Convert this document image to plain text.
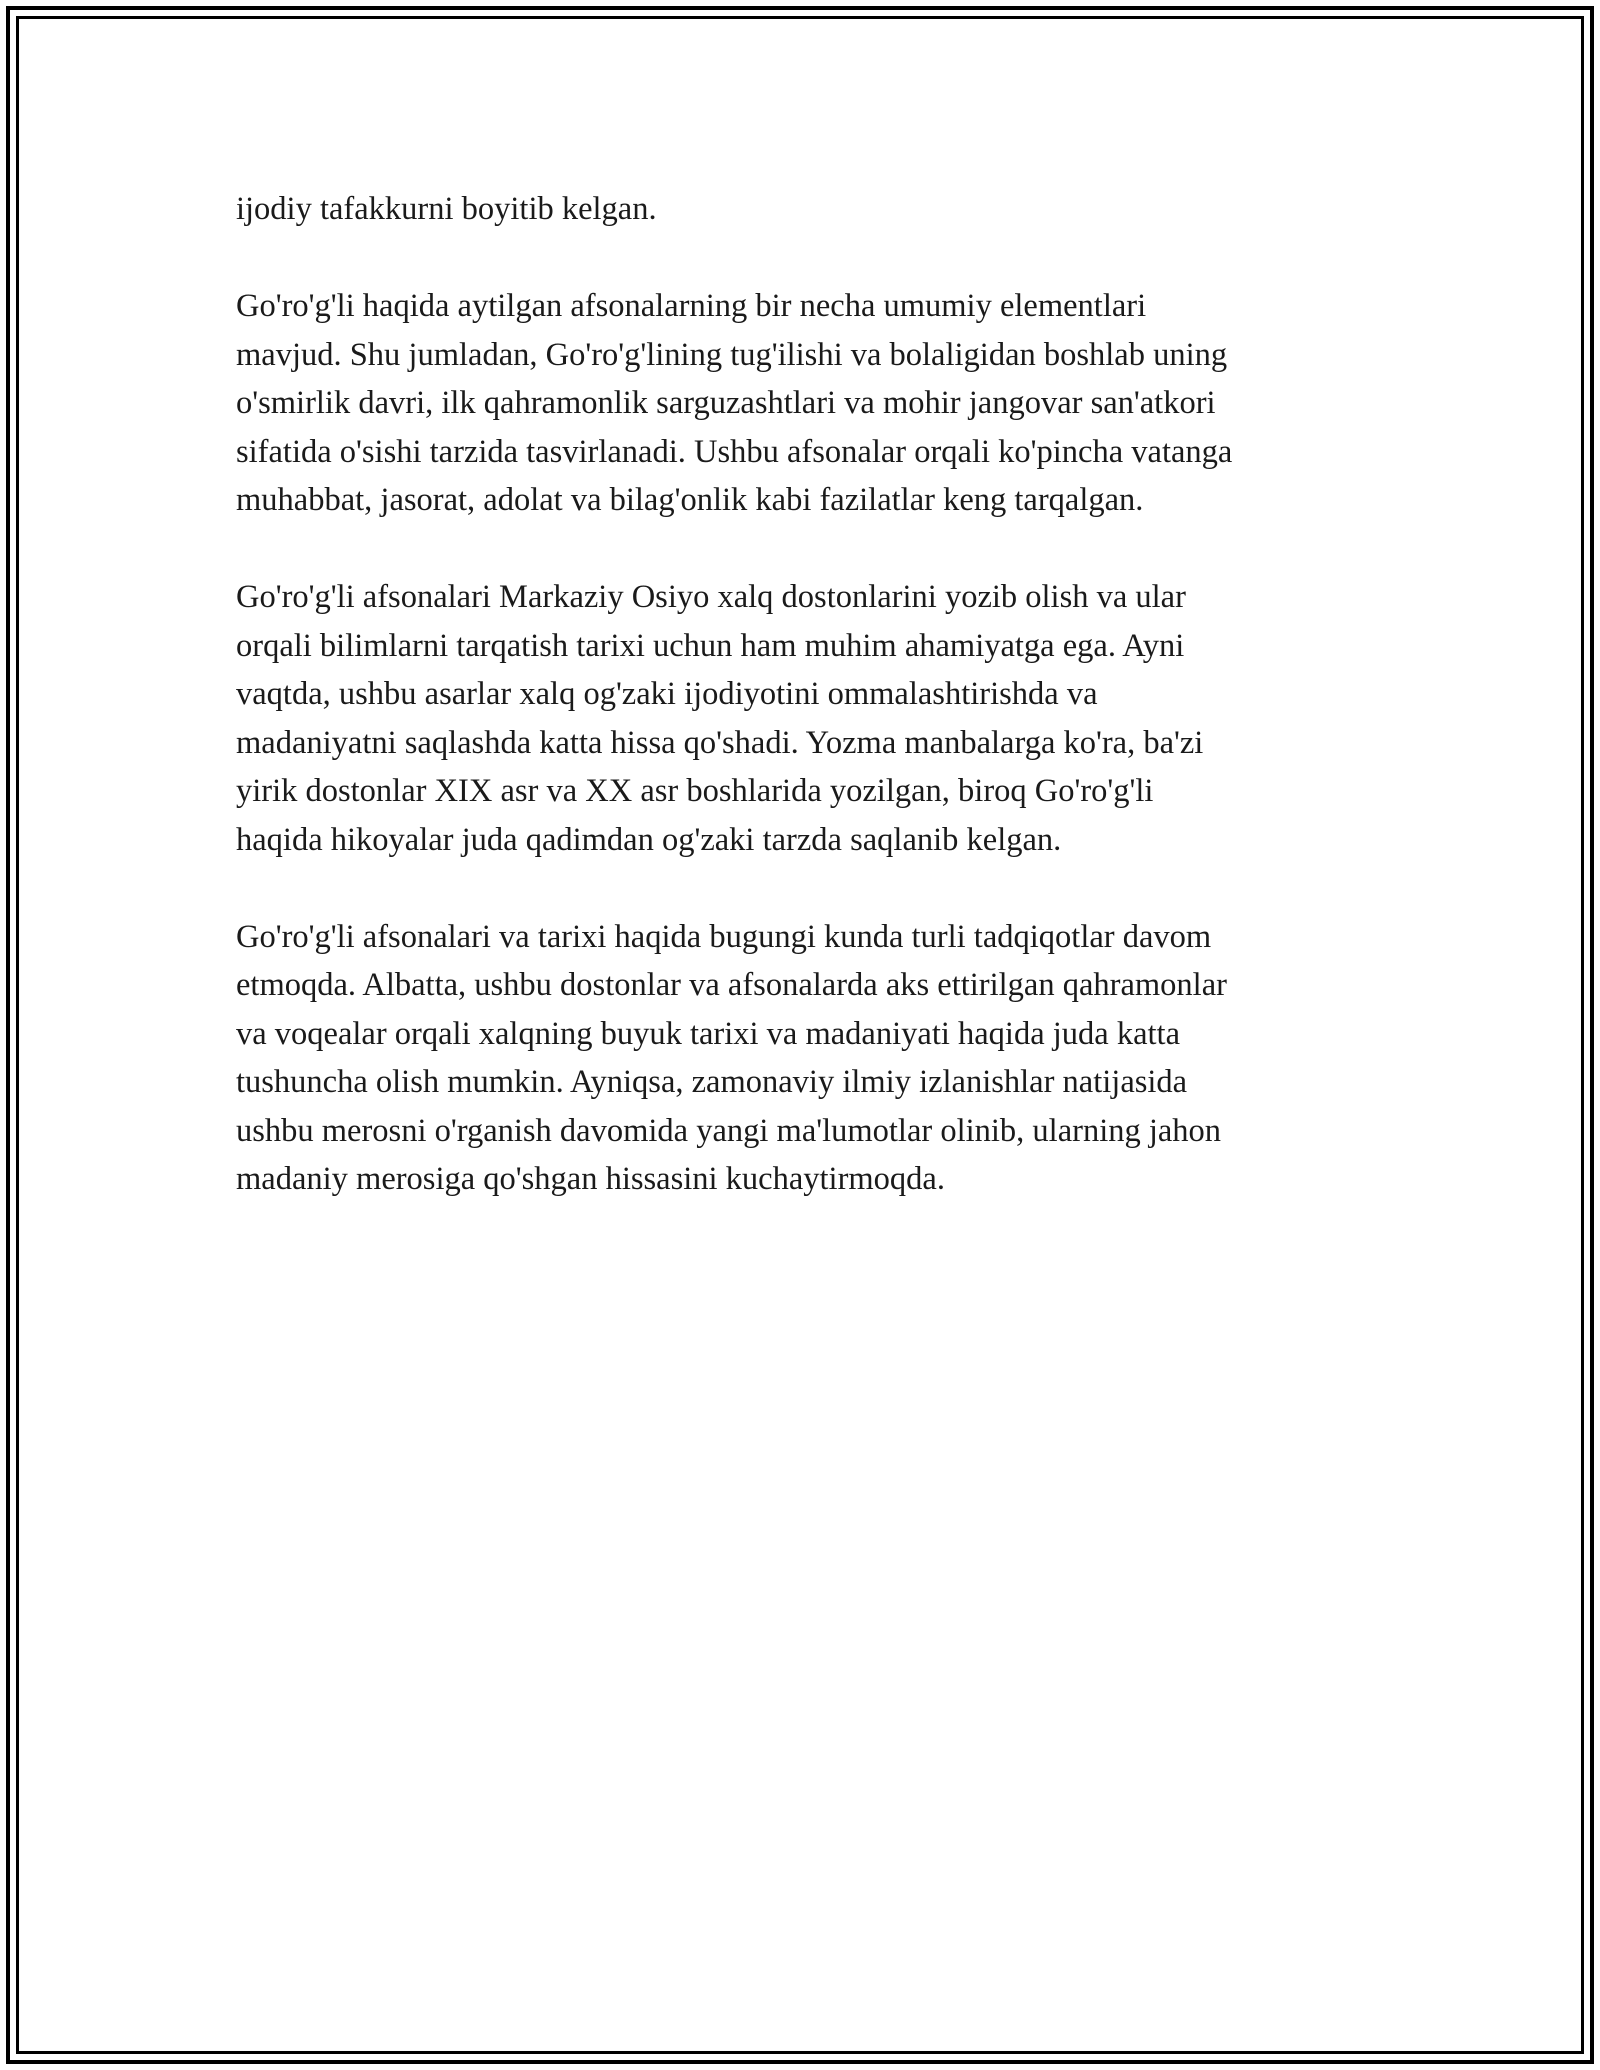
ijodiy tafakkurni boyitib kelgan.

Go'ro'g'li haqida aytilgan afsonalarning bir necha umumiy elementlari
mavjud. Shu jumladan, Go'ro'g'lining tug'ilishi va bolaligidan boshlab uning
o'smirlik davri, ilk qahramonlik sarguzashtlari va mohir jangovar san'atkori
sifatida o'sishi tarzida tasvirlanadi. Ushbu afsonalar orqali ko'pincha vatanga
muhabbat, jasorat, adolat va bilag'onlik kabi fazilatlar keng tarqalgan.

Go'ro'g'li afsonalari Markaziy Osiyo xalq dostonlarini yozib olish va ular
orqali bilimlarni tarqatish tarixi uchun ham muhim ahamiyatga ega. Ayni
vaqtda, ushbu asarlar xalq og'zaki ijodiyotini ommalashtirishda va
madaniyatni saqlashda katta hissa qo'shadi. Yozma manbalarga ko'ra, ba'zi
yirik dostonlar XIX asr va XX asr boshlarida yozilgan, biroq Go'ro'g'li
haqida hikoyalar juda qadimdan og'zaki tarzda saqlanib kelgan.

Go'ro'g'li afsonalari va tarixi haqida bugungi kunda turli tadqiqotlar davom
etmoqda. Albatta, ushbu dostonlar va afsonalarda aks ettirilgan qahramonlar
va voqealar orqali xalqning buyuk tarixi va madaniyati haqida juda katta
tushuncha olish mumkin. Ayniqsa, zamonaviy ilmiy izlanishlar natijasida
ushbu merosni o'rganish davomida yangi ma'lumotlar olinib, ularning jahon
madaniy merosiga qo'shgan hissasini kuchaytirmoqda.
